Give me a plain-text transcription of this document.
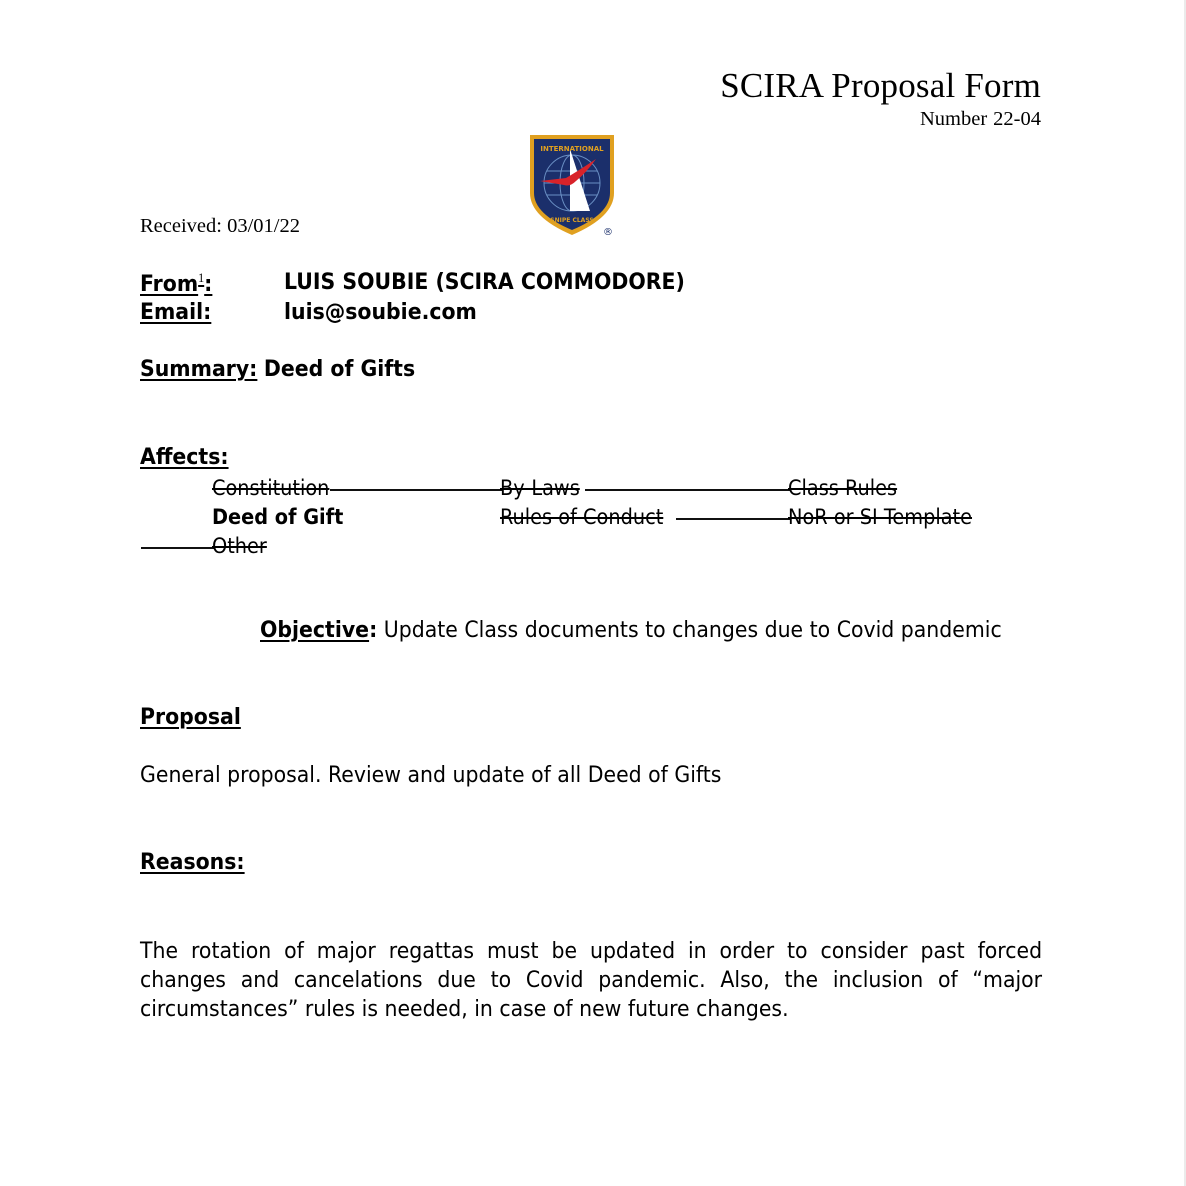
SCIRA Proposal Form
Number 22-04
INTERNATIONAL
SNIPE CLASS
®
Received: 03/01/22
From$^1$:	LUIS SOUBIE (SCIRA COMMODORE)
Email:	luis@soubie.com
Summary: Deed of Gifts
Affects:
Constitution	By-Laws	Class Rules
Deed of Gift	Rules of Conduct	NoR or SI Template
Other
Objective: Update Class documents to changes due to Covid pandemic
Proposal
General proposal. Review and update of all Deed of Gifts
Reasons:
The rotation of major regattas must be updated in order to consider past forced
changes and cancelations due to Covid pandemic. Also, the inclusion of “major
circumstances” rules is needed, in case of new future changes.
